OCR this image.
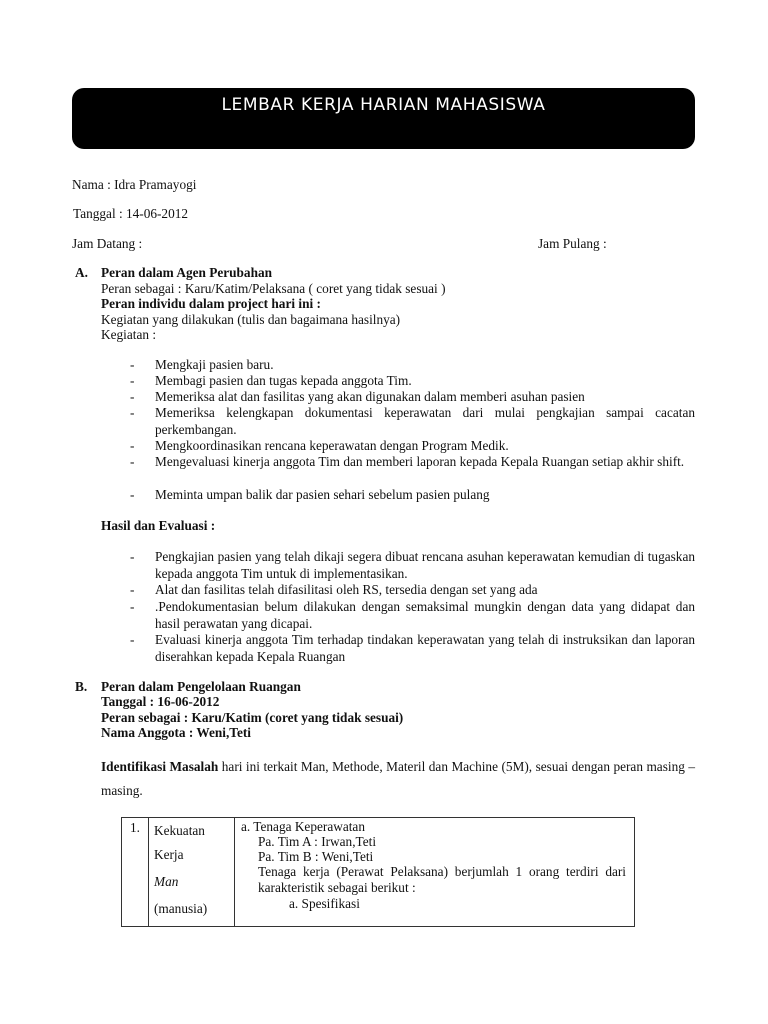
LEMBAR KERJA HARIAN MAHASISWA
Nama : Idra Pramayogi
Tanggal : 14-06-2012
Jam Datang :	Jam Pulang :
A. Peran dalam Agen Perubahan
Peran sebagai : Karu/Katim/Pelaksana ( coret yang tidak sesuai )
Peran individu dalam project hari ini :
Kegiatan yang dilakukan (tulis dan bagaimana hasilnya)
Kegiatan :
-	Mengkaji pasien baru.
-	Membagi pasien dan tugas kepada anggota Tim.
-	Memeriksa alat dan fasilitas yang akan digunakan dalam memberi asuhan pasien
-	Memeriksa kelengkapan dokumentasi keperawatan dari mulai pengkajian sampai cacatan perkembangan.
-	Mengkoordinasikan rencana keperawatan dengan Program Medik.
-	Mengevaluasi kinerja anggota Tim dan memberi laporan kepada Kepala Ruangan setiap akhir shift.
-	Meminta umpan balik dar pasien sehari sebelum pasien pulang
Hasil dan Evaluasi :
-	Pengkajian pasien yang telah dikaji segera dibuat rencana asuhan keperawatan kemudian di tugaskan kepada anggota Tim untuk di implementasikan.
-	Alat dan fasilitas telah difasilitasi oleh RS, tersedia dengan set yang ada
-	.Pendokumentasian belum dilakukan dengan semaksimal mungkin dengan data yang didapat dan hasil perawatan yang dicapai.
-	Evaluasi kinerja anggota Tim terhadap tindakan keperawatan yang telah di instruksikan dan laporan diserahkan kepada Kepala Ruangan
B. Peran dalam Pengelolaan Ruangan
Tanggal : 16-06-2012
Peran sebagai : Karu/Katim (coret yang tidak sesuai)
Nama Anggota : Weni,Teti
Identifikasi Masalah hari ini terkait Man, Methode, Materil dan Machine (5M), sesuai dengan peran masing – masing.
1.	Kekuatan
Kerja
Man
(manusia)

a. Tenaga Keperawatan
Pa. Tim A : Irwan,Teti
Pa. Tim B : Weni,Teti
Tenaga kerja (Perawat Pelaksana) berjumlah 1 orang terdiri dari karakteristik sebagai berikut :
a. Spesifikasi
